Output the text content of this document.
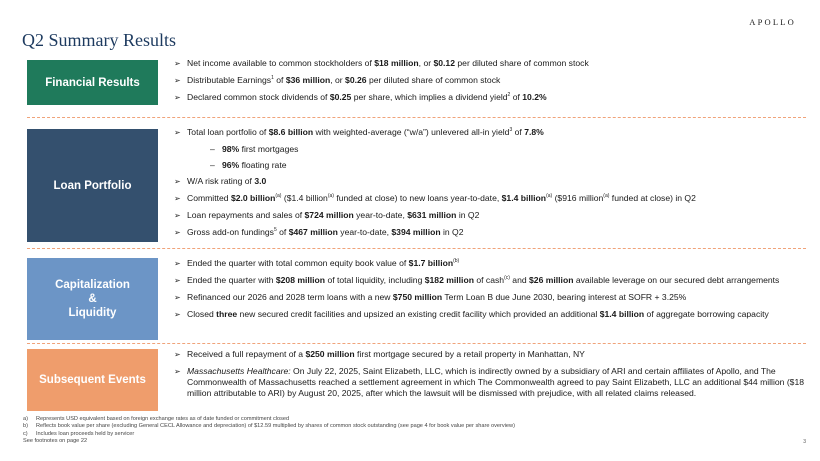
APOLLO
Q2 Summary Results
Financial Results
➢ Net income available to common stockholders of $18 million, or $0.12 per diluted share of common stock
➢ Distributable Earnings$^1$ of $36 million, or $0.26 per diluted share of common stock
➢ Declared common stock dividends of $0.25 per share, which implies a dividend yield$^2$ of 10.2%
Loan Portfolio
➢ Total loan portfolio of $8.6 billion with weighted-average (“w/a”) unlevered all-in yield$^3$ of 7.8%
– 98% first mortgages
– 96% floating rate
➢ W/A risk rating of 3.0
➢ Committed $2.0 billion$^{(a)}$ ($1.4 billion$^{(a)}$ funded at close) to new loans year-to-date, $1.4 billion$^{(a)}$ ($916 million$^{(a)}$ funded at close) in Q2
➢ Loan repayments and sales of $724 million year-to-date, $631 million in Q2
➢ Gross add-on fundings$^5$ of $467 million year-to-date, $394 million in Q2
Capitalization
&
Liquidity
➢ Ended the quarter with total common equity book value of $1.7 billion$^{(b)}$
➢ Ended the quarter with $208 million of total liquidity, including $182 million of cash$^{(c)}$ and $26 million available leverage on our secured debt arrangements
➢ Refinanced our 2026 and 2028 term loans with a new $750 million Term Loan B due June 2030, bearing interest at SOFR + 3.25%
➢ Closed three new secured credit facilities and upsized an existing credit facility which provided an additional $1.4 billion of aggregate borrowing capacity
Subsequent Events
➢ Received a full repayment of a $250 million first mortgage secured by a retail property in Manhattan, NY
➢ Massachusetts Healthcare: On July 22, 2025, Saint Elizabeth, LLC, which is indirectly owned by a subsidiary of ARI and certain affiliates of Apollo, and The Commonwealth of Massachusetts reached a settlement agreement in which The Commonwealth agreed to pay Saint Elizabeth, LLC an additional $44 million ($18 million attributable to ARI) by August 20, 2025, after which the lawsuit will be dismissed with prejudice, with all related claims released.
a) Represents USD equivalent based on foreign exchange rates as of date funded or commitment closed
b) Reflects book value per share (excluding General CECL Allowance and depreciation) of $12.59 multiplied by shares of common stock outstanding (see page 4 for book value per share overview)
c) Includes loan proceeds held by servicer
See footnotes on page 22	3
